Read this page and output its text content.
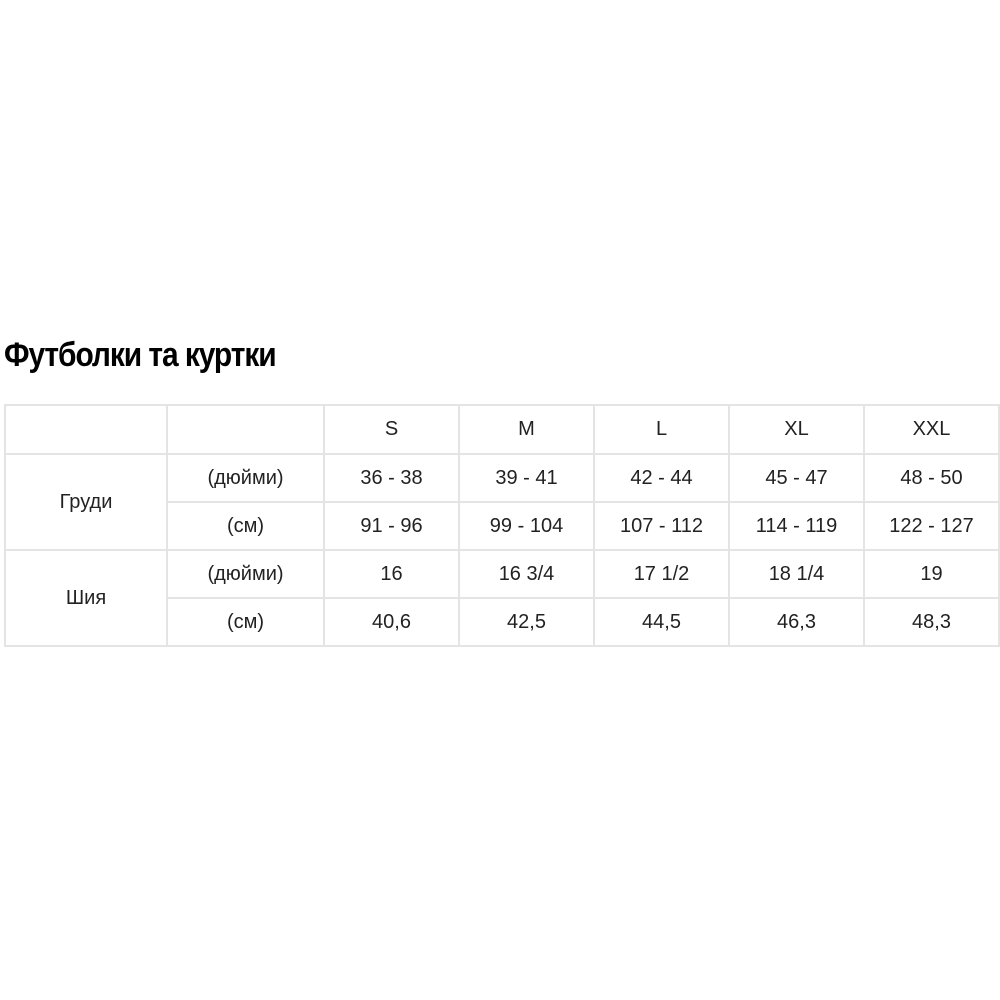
Футболки та куртки
		S	M	L	XL	XXL
Груди	(дюйми)	36 - 38	39 - 41	42 - 44	45 - 47	48 - 50
	(см)	91 - 96	99 - 104	107 - 112	114 - 119	122 - 127
Шия	(дюйми)	16	16 3/4	17 1/2	18 1/4	19
	(см)	40,6	42,5	44,5	46,3	48,3
